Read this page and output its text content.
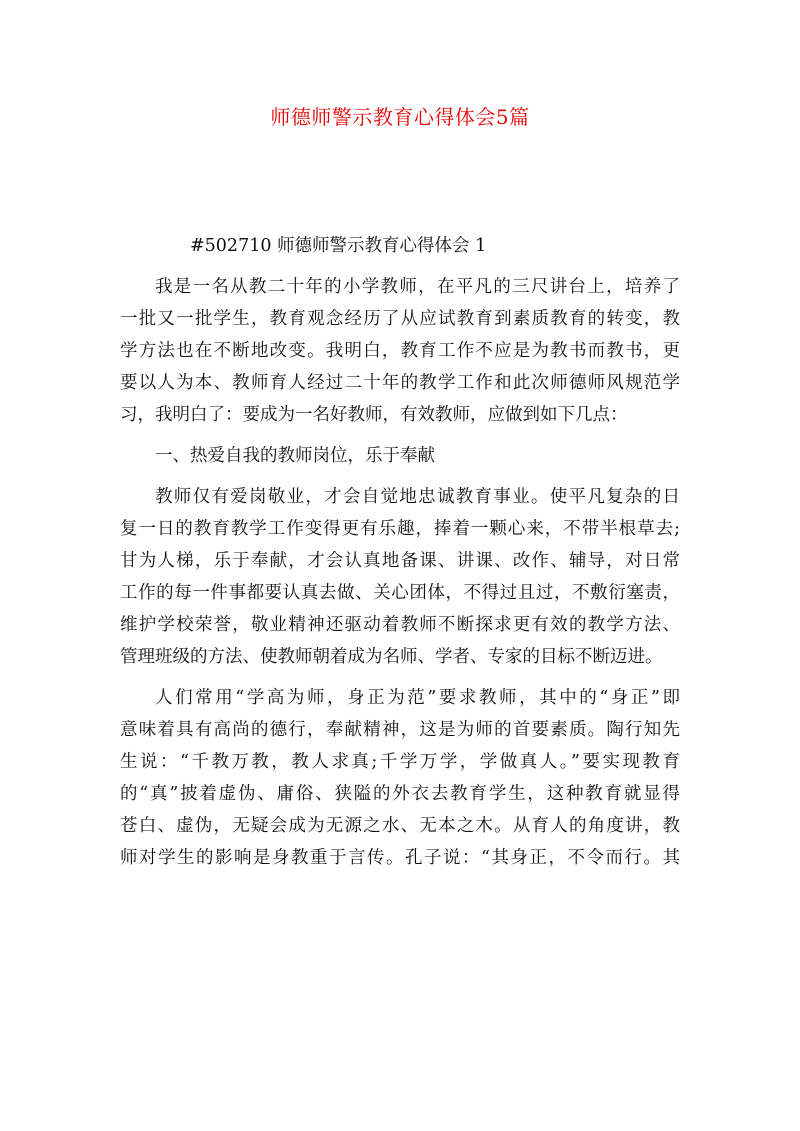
师德师警示教育心得体会5篇
#502710 师德师警示教育心得体会 1
我是一名从教二十年的小学教师，在平凡的三尺讲台上，培养了
一批又一批学生，教育观念经历了从应试教育到素质教育的转变，教
学方法也在不断地改变。我明白，教育工作不应是为教书而教书，更
要以人为本、教师育人经过二十年的教学工作和此次师德师风规范学
习，我明白了：要成为一名好教师，有效教师，应做到如下几点：
一、热爱自我的教师岗位，乐于奉献
教师仅有爱岗敬业，才会自觉地忠诚教育事业。使平凡复杂的日
复一日的教育教学工作变得更有乐趣，捧着一颗心来，不带半根草去;
甘为人梯，乐于奉献，才会认真地备课、讲课、改作、辅导，对日常
工作的每一件事都要认真去做、关心团体，不得过且过，不敷衍塞责，
维护学校荣誉，敬业精神还驱动着教师不断探求更有效的教学方法、
管理班级的方法、使教师朝着成为名师、学者、专家的目标不断迈进。
人们常用“学高为师，身正为范”要求教师，其中的“身正”即
意味着具有高尚的德行，奉献精神，这是为师的首要素质。陶行知先
生说：“千教万教，教人求真;千学万学，学做真人。”要实现教育
的“真”披着虚伪、庸俗、狭隘的外衣去教育学生，这种教育就显得
苍白、虚伪，无疑会成为无源之水、无本之木。从育人的角度讲，教
师对学生的影响是身教重于言传。孔子说：“其身正，不令而行。其
